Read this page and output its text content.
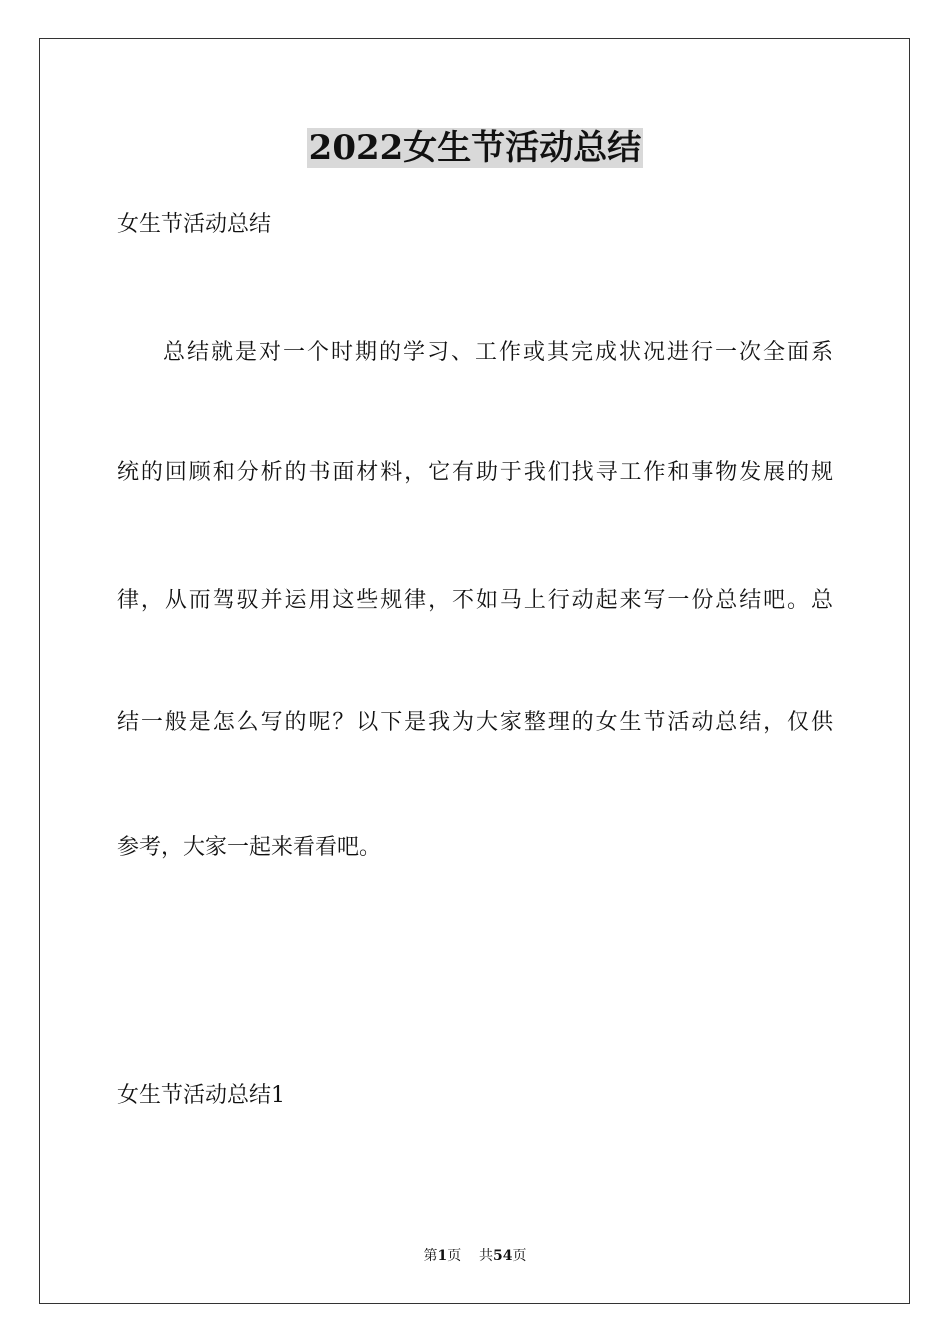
2022女生节活动总结
女生节活动总结
总结就是对一个时期的学习、工作或其完成状况进行一次全面系
统的回顾和分析的书面材料，它有助于我们找寻工作和事物发展的规
律，从而驾驭并运用这些规律，不如马上行动起来写一份总结吧。总
结一般是怎么写的呢？以下是我为大家整理的女生节活动总结，仅供
参考，大家一起来看看吧。
女生节活动总结1
第1页 共54页
